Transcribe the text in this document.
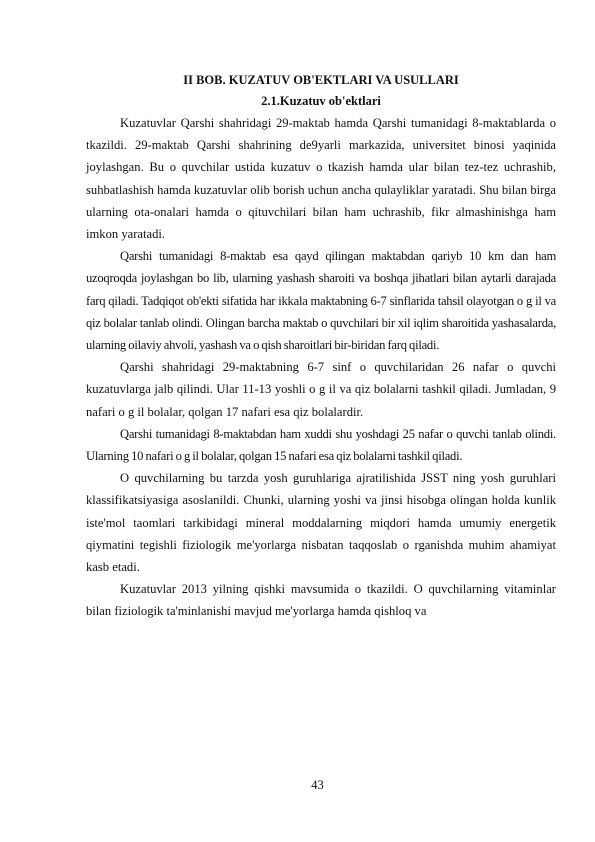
II BOB. KUZATUV OB'EKTLARI VA USULLARI

2.1.Kuzatuv ob'ektlari

Kuzatuvlar Qarshi shahridagi 29-maktab hamda Qarshi tumanidagi 8-maktablarda o tkazildi. 29-maktab Qarshi shahrining de9yarli markazida, universitet binosi yaqinida joylashgan. Bu o quvchilar ustida kuzatuv o tkazish hamda ular bilan tez-tez uchrashib, suhbatlashish hamda kuzatuvlar olib borish uchun ancha qulayliklar yaratadi. Shu bilan birga ularning ota-onalari hamda o qituvchilari bilan ham uchrashib, fikr almashinishga ham imkon yaratadi.

Qarshi tumanidagi 8-maktab esa qayd qilingan maktabdan qariyb 10 km dan ham uzoqroqda joylashgan bo lib, ularning yashash sharoiti va boshqa jihatlari bilan aytarli darajada farq qiladi. Tadqiqot ob'ekti sifatida har ikkala maktabning 6-7 sinflarida tahsil olayotgan o g il va qiz bolalar tanlab olindi. Olingan barcha maktab o quvchilari bir xil iqlim sharoitida yashasalarda, ularning oilaviy ahvoli, yashash va o qish sharoitlari bir-biridan farq qiladi.

Qarshi shahridagi 29-maktabning 6-7 sinf o quvchilaridan 26 nafar o quvchi kuzatuvlarga jalb qilindi. Ular 11-13 yoshli o g il va qiz bolalarni tashkil qiladi. Jumladan, 9 nafari o g il bolalar, qolgan 17 nafari esa qiz bolalardir.

Qarshi tumanidagi 8-maktabdan ham xuddi shu yoshdagi 25 nafar o quvchi tanlab olindi. Ularning 10 nafari o g il bolalar, qolgan 15 nafari esa qiz bolalarni tashkil qiladi.

O quvchilarning bu tarzda yosh guruhlariga ajratilishida JSST ning yosh guruhlari klassifikatsiyasiga asoslanildi. Chunki, ularning yoshi va jinsi hisobga olingan holda kunlik iste'mol taomlari tarkibidagi mineral moddalarning miqdori hamda umumiy energetik qiymatini tegishli fiziologik me'yorlarga nisbatan taqqoslab o rganishda muhim ahamiyat kasb etadi.

Kuzatuvlar 2013 yilning qishki mavsumida o tkazildi. O quvchilarning vitaminlar bilan fiziologik ta'minlanishi mavjud me'yorlarga hamda qishloq va

43
